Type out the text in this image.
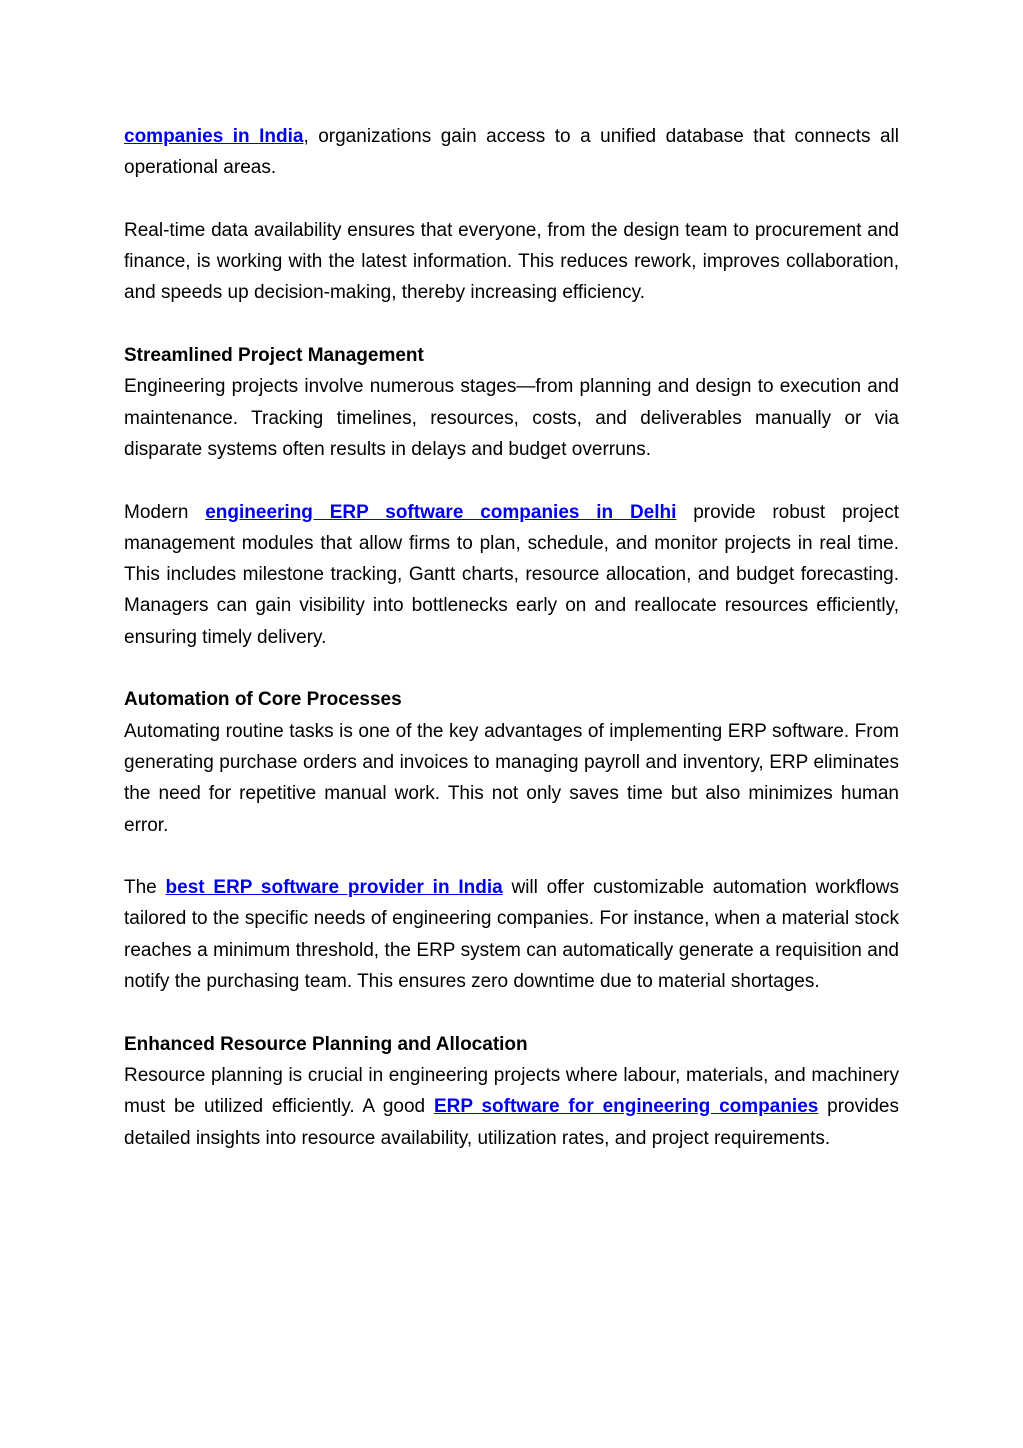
companies in India, organizations gain access to a unified database that connects all operational areas.

Real-time data availability ensures that everyone, from the design team to procurement and finance, is working with the latest information. This reduces rework, improves collaboration, and speeds up decision-making, thereby increasing efficiency.

Streamlined Project Management

Engineering projects involve numerous stages—from planning and design to execution and maintenance. Tracking timelines, resources, costs, and deliverables manually or via disparate systems often results in delays and budget overruns.

Modern engineering ERP software companies in Delhi provide robust project management modules that allow firms to plan, schedule, and monitor projects in real time. This includes milestone tracking, Gantt charts, resource allocation, and budget forecasting. Managers can gain visibility into bottlenecks early on and reallocate resources efficiently, ensuring timely delivery.

Automation of Core Processes

Automating routine tasks is one of the key advantages of implementing ERP software. From generating purchase orders and invoices to managing payroll and inventory, ERP eliminates the need for repetitive manual work. This not only saves time but also minimizes human error.

The best ERP software provider in India will offer customizable automation workflows tailored to the specific needs of engineering companies. For instance, when a material stock reaches a minimum threshold, the ERP system can automatically generate a requisition and notify the purchasing team. This ensures zero downtime due to material shortages.

Enhanced Resource Planning and Allocation

Resource planning is crucial in engineering projects where labour, materials, and machinery must be utilized efficiently. A good ERP software for engineering companies provides detailed insights into resource availability, utilization rates, and project requirements.
